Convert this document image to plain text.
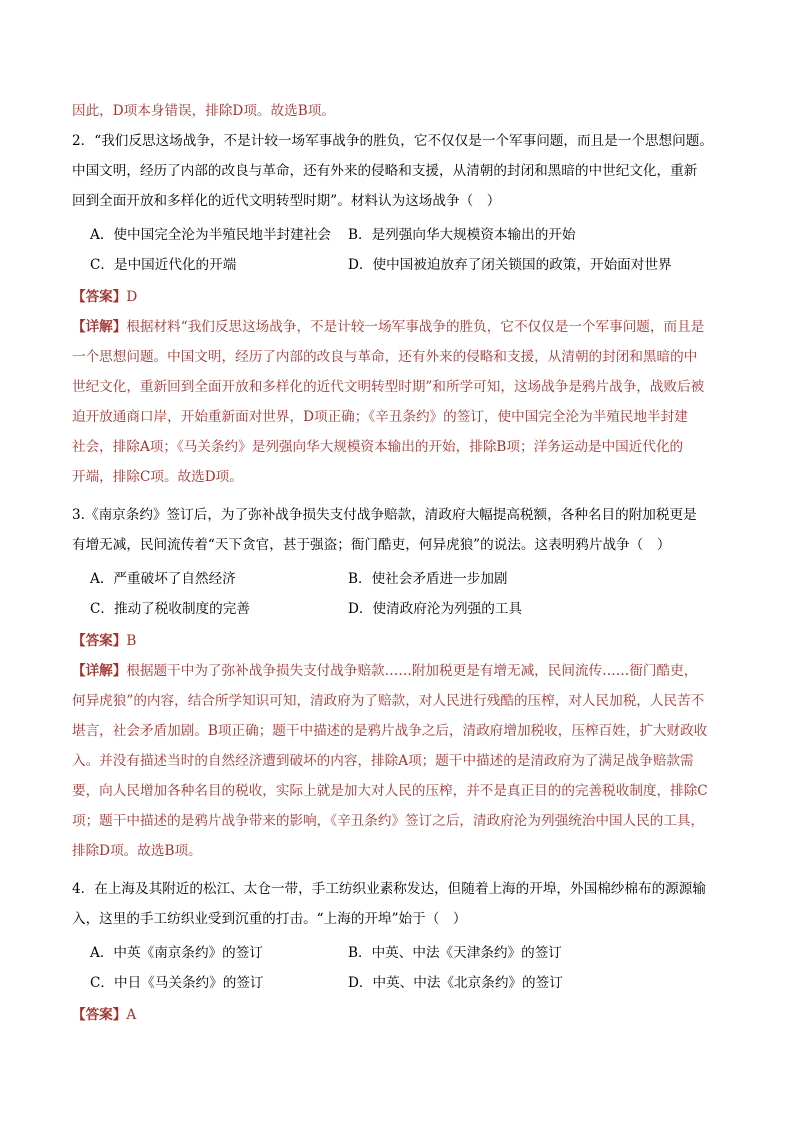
因此，D项本身错误，排除D项。故选B项。
2．“我们反思这场战争，不是计较一场军事战争的胜负，它不仅仅是一个军事问题，而且是一个思想问题。
中国文明，经历了内部的改良与革命，还有外来的侵略和支援，从清朝的封闭和黑暗的中世纪文化，重新
回到全面开放和多样化的近代文明转型时期”。材料认为这场战争（　）
A．使中国完全沦为半殖民地半封建社会 B．是列强向华大规模资本输出的开始
C．是中国近代化的开端	D．使中国被迫放弃了闭关锁国的政策，开始面对世界
【答案】D
【详解】根据材料“我们反思这场战争，不是计较一场军事战争的胜负，它不仅仅是一个军事问题，而且是
一个思想问题。中国文明，经历了内部的改良与革命，还有外来的侵略和支援，从清朝的封闭和黑暗的中
世纪文化，重新回到全面开放和多样化的近代文明转型时期”和所学可知，这场战争是鸦片战争，战败后被
迫开放通商口岸，开始重新面对世界，D项正确；《辛丑条约》的签订，使中国完全沦为半殖民地半封建
社会，排除A项；《马关条约》是列强向华大规模资本输出的开始，排除B项；洋务运动是中国近代化的
开端，排除C项。故选D项。
3.《南京条约》签订后，为了弥补战争损失支付战争赔款，清政府大幅提高税额，各种名目的附加税更是
有增无减，民间流传着“天下贪官，甚于强盗；衙门酷吏，何异虎狼”的说法。这表明鸦片战争（　）
A．严重破坏了自然经济	B．使社会矛盾进一步加剧
C．推动了税收制度的完善	D．使清政府沦为列强的工具
【答案】B
【详解】根据题干中为了弥补战争损失支付战争赔款……附加税更是有增无减，民间流传……衙门酷吏，
何异虎狼”的内容，结合所学知识可知，清政府为了赔款，对人民进行残酷的压榨，对人民加税，人民苦不
堪言，社会矛盾加剧。B项正确；题干中描述的是鸦片战争之后，清政府增加税收，压榨百姓，扩大财政收
入。并没有描述当时的自然经济遭到破坏的内容，排除A项；题干中描述的是清政府为了满足战争赔款需
要，向人民增加各种名目的税收，实际上就是加大对人民的压榨，并不是真正目的的完善税收制度，排除C
项；题干中描述的是鸦片战争带来的影响，《辛丑条约》签订之后，清政府沦为列强统治中国人民的工具，
排除D项。故选B项。
4．在上海及其附近的松江、太仓一带，手工纺织业素称发达，但随着上海的开埠，外国棉纱棉布的源源输
入，这里的手工纺织业受到沉重的打击。“上海的开埠”始于（　）
A．中英《南京条约》的签订	B．中英、中法《天津条约》的签订
C．中日《马关条约》的签订	D．中英、中法《北京条约》的签订
【答案】A
